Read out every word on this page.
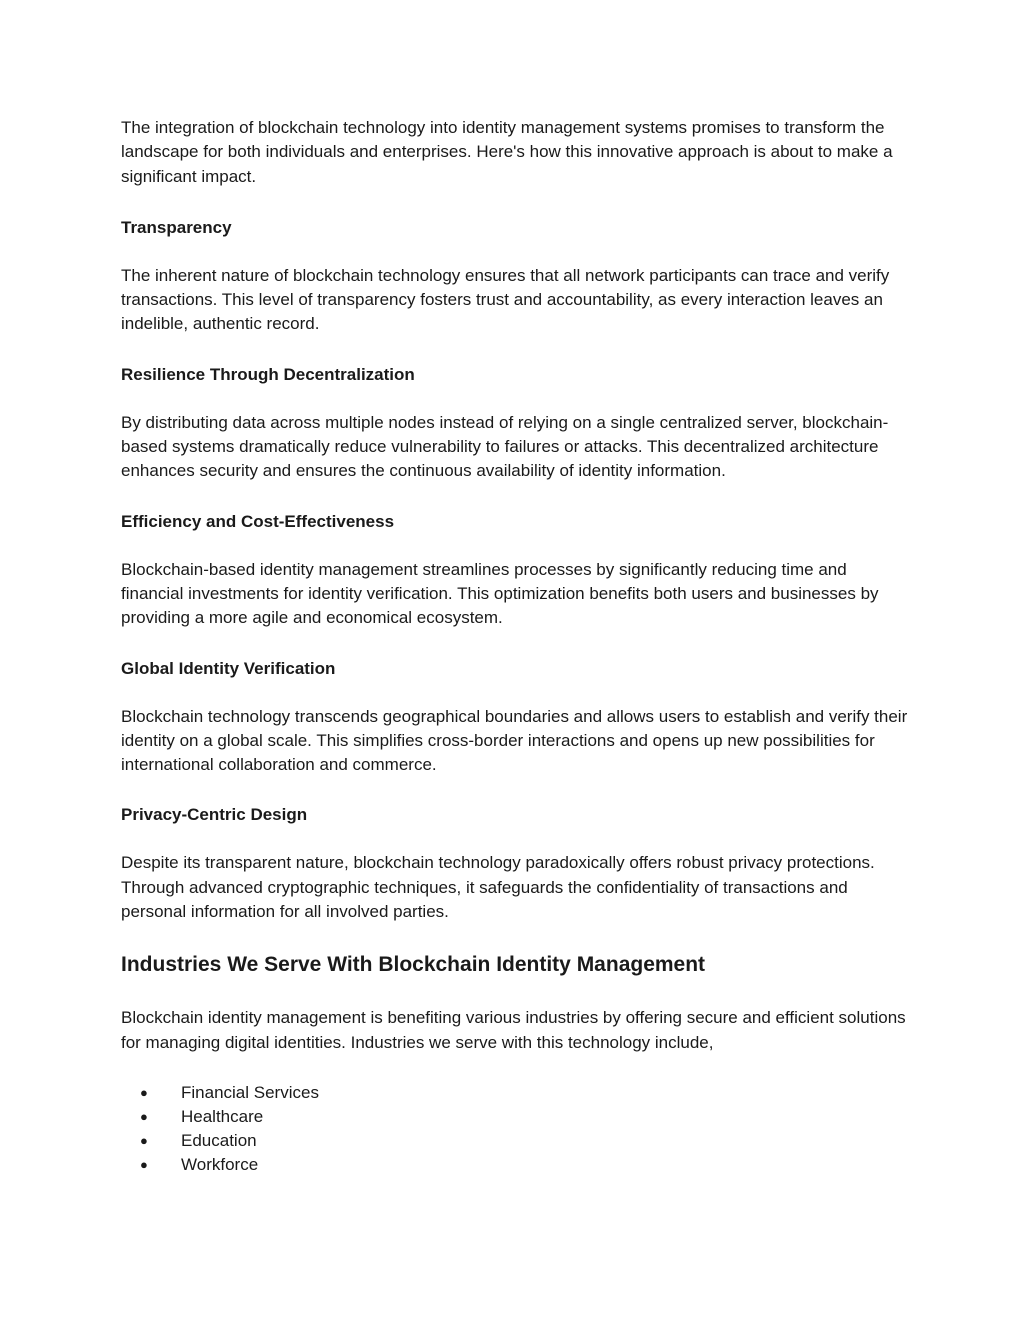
The integration of blockchain technology into identity management systems promises to transform the landscape for both individuals and enterprises. Here's how this innovative approach is about to make a significant impact.

Transparency

The inherent nature of blockchain technology ensures that all network participants can trace and verify transactions. This level of transparency fosters trust and accountability, as every interaction leaves an indelible, authentic record.

Resilience Through Decentralization

By distributing data across multiple nodes instead of relying on a single centralized server, blockchain-based systems dramatically reduce vulnerability to failures or attacks. This decentralized architecture enhances security and ensures the continuous availability of identity information.

Efficiency and Cost-Effectiveness

Blockchain-based identity management streamlines processes by significantly reducing time and financial investments for identity verification. This optimization benefits both users and businesses by providing a more agile and economical ecosystem.

Global Identity Verification

Blockchain technology transcends geographical boundaries and allows users to establish and verify their identity on a global scale. This simplifies cross-border interactions and opens up new possibilities for international collaboration and commerce.

Privacy-Centric Design

Despite its transparent nature, blockchain technology paradoxically offers robust privacy protections. Through advanced cryptographic techniques, it safeguards the confidentiality of transactions and personal information for all involved parties.

Industries We Serve With Blockchain Identity Management

Blockchain identity management is benefiting various industries by offering secure and efficient solutions for managing digital identities. Industries we serve with this technology include,

● Financial Services
● Healthcare
● Education
● Workforce
